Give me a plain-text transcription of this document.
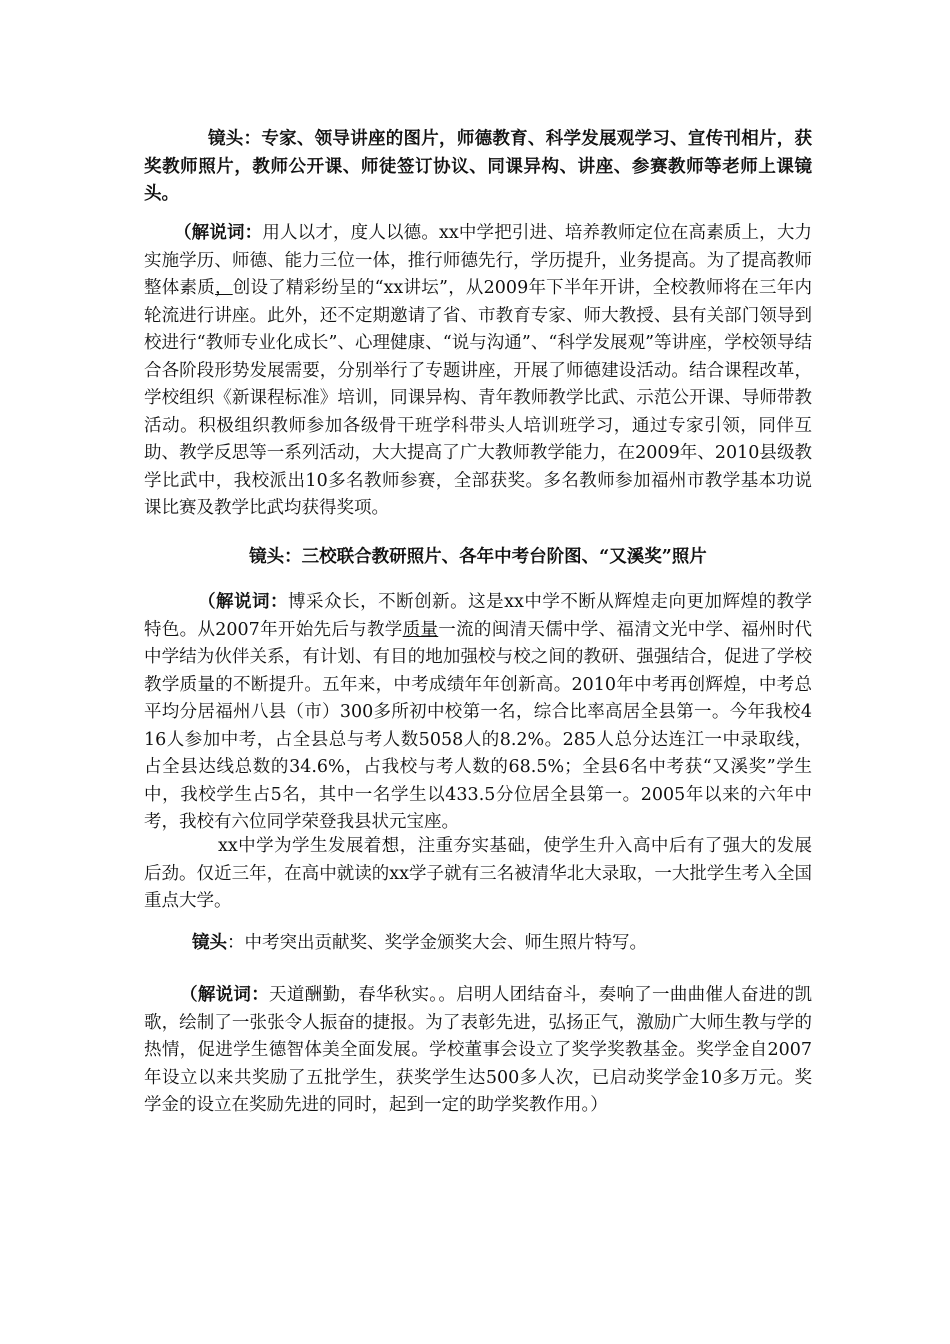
镜头：专家、领导讲座的图片，师德教育、科学发展观学习、宣传刊相片，获奖教师照片，教师公开课、师徒签订协议、同课异构、讲座、参赛教师等老师上课镜头。

（解说词：用人以才，度人以德。xx中学把引进、培养教师定位在高素质上，大力实施学历、师德、能力三位一体，推行师德先行，学历提升，业务提高。为了提高教师整体素质，创设了精彩纷呈的“xx讲坛”，从2009年下半年开讲，全校教师将在三年内轮流进行讲座。此外，还不定期邀请了省、市教育专家、师大教授、县有关部门领导到校进行“教师专业化成长”、心理健康、“说与沟通”、“科学发展观”等讲座，学校领导结合各阶段形势发展需要，分别举行了专题讲座，开展了师德建设活动。结合课程改革，学校组织《新课程标准》培训，同课异构、青年教师教学比武、示范公开课、导师带教活动。积极组织教师参加各级骨干班学科带头人培训班学习，通过专家引领，同伴互助、教学反思等一系列活动，大大提高了广大教师教学能力，在2009年、2010县级教学比武中，我校派出10多名教师参赛，全部获奖。多名教师参加福州市教学基本功说课比赛及教学比武均获得奖项。

镜头：三校联合教研照片、各年中考台阶图、“又溪奖”照片

（解说词：博采众长，不断创新。这是xx中学不断从辉煌走向更加辉煌的教学特色。从2007年开始先后与教学质量一流的闽清天儒中学、福清文光中学、福州时代中学结为伙伴关系，有计划、有目的地加强校与校之间的教研、强强结合，促进了学校教学质量的不断提升。五年来，中考成绩年年创新高。2010年中考再创辉煌，中考总平均分居福州八县（市）300多所初中校第一名，综合比率高居全县第一。今年我校416人参加中考，占全县总与考人数5058人的8.2%。285人总分达连江一中录取线，占全县达线总数的34.6%，占我校与考人数的68.5%；全县6名中考获“又溪奖”学生中，我校学生占5名，其中一名学生以433.5分位居全县第一。2005年以来的六年中考，我校有六位同学荣登我县状元宝座。

xx中学为学生发展着想，注重夯实基础，使学生升入高中后有了强大的发展后劲。仅近三年，在高中就读的xx学子就有三名被清华北大录取，一大批学生考入全国重点大学。

镜头：中考突出贡献奖、奖学金颁奖大会、师生照片特写。

（解说词：天道酬勤，春华秋实。。启明人团结奋斗，奏响了一曲曲催人奋进的凯歌，绘制了一张张令人振奋的捷报。为了表彰先进，弘扬正气，激励广大师生教与学的热情，促进学生德智体美全面发展。学校董事会设立了奖学奖教基金。奖学金自2007年设立以来共奖励了五批学生，获奖学生达500多人次，已启动奖学金10多万元。奖学金的设立在奖励先进的同时，起到一定的助学奖教作用。）
